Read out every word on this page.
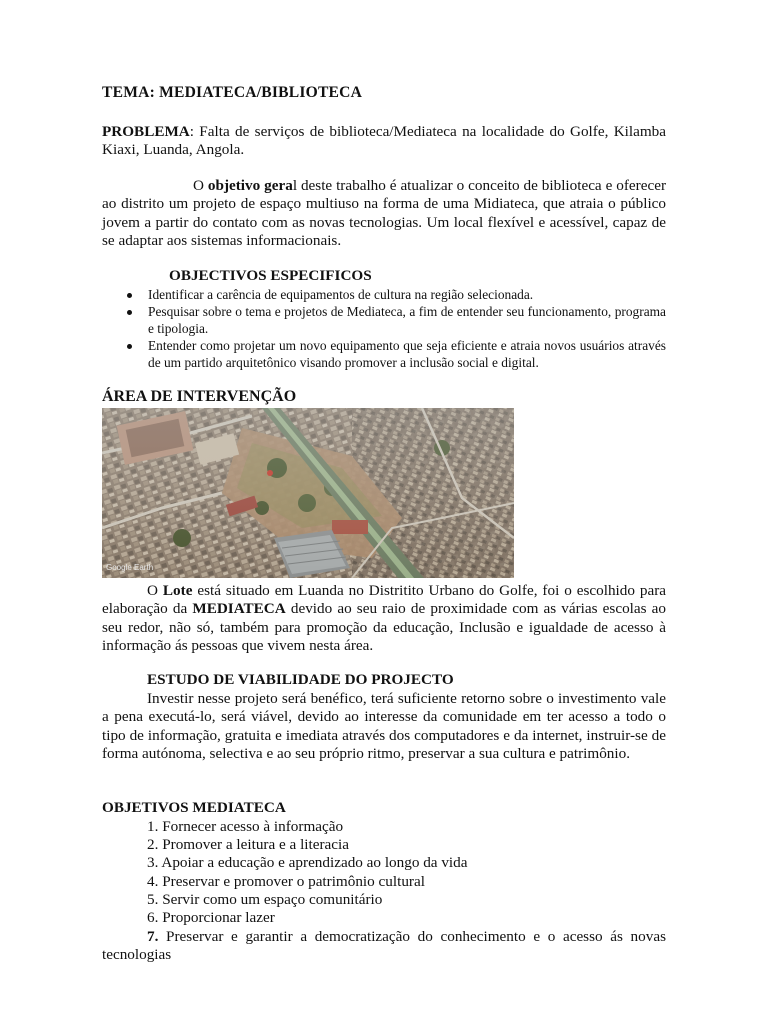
TEMA: MEDIATECA/BIBLIOTECA

PROBLEMA: Falta de serviços de biblioteca/Mediateca na localidade do Golfe, Kilamba Kiaxi, Luanda, Angola.

O objetivo geral deste trabalho é atualizar o conceito de biblioteca e oferecer ao distrito um projeto de espaço multiuso na forma de uma Midiateca, que atraia o público jovem a partir do contato com as novas tecnologias. Um local flexível e acessível, capaz de se adaptar aos sistemas informacionais.

OBJECTIVOS ESPECIFICOS
Identificar a carência de equipamentos de cultura na região selecionada.
Pesquisar sobre o tema e projetos de Mediateca, a fim de entender seu funcionamento, programa e tipologia.
Entender como projetar um novo equipamento que seja eficiente e atraia novos usuários através de um partido arquitetônico visando promover a inclusão social e digital.
ÁREA DE INTERVENÇÃO
Google Earth

O Lote está situado em Luanda no Distritito Urbano do Golfe, foi o escolhido para elaboração da MEDIATECA devido ao seu raio de proximidade com as várias escolas ao seu redor, não só, também para promoção da educação, Inclusão e igualdade de acesso à informação ás pessoas que vivem nesta área.

ESTUDO DE VIABILIDADE DO PROJECTO

Investir nesse projeto será benéfico, terá suficiente retorno sobre o investimento vale a pena executá-lo, será viável, devido ao interesse da comunidade em ter acesso a todo o tipo de informação, gratuita e imediata através dos computadores e da internet, instruir-se de forma autónoma, selectiva e ao seu próprio ritmo, preservar a sua cultura e patrimônio.

OBJETIVOS MEDIATECA
1. Fornecer acesso à informação
2. Promover a leitura e a literacia
3. Apoiar a educação e aprendizado ao longo da vida
4. Preservar e promover o patrimônio cultural
5. Servir como um espaço comunitário
6. Proporcionar lazer

7. Preservar e garantir a democratização do conhecimento e o acesso ás novas tecnologias
